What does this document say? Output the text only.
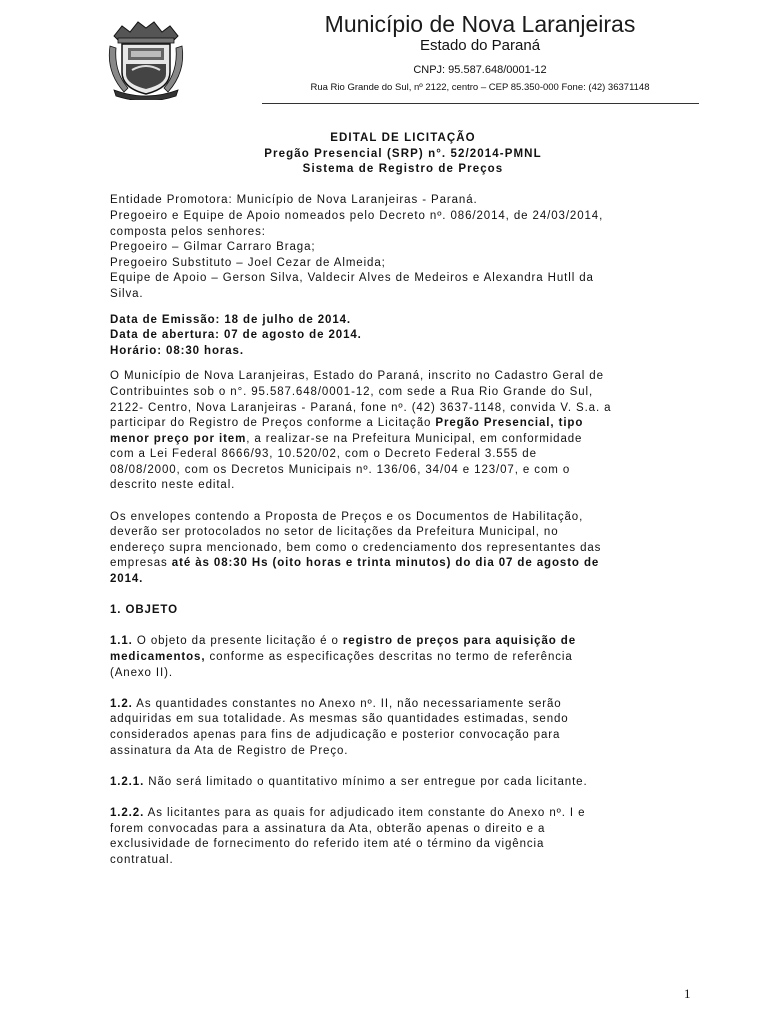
Município de Nova Laranjeiras
Estado do Paraná
CNPJ: 95.587.648/0001-12
Rua Rio Grande do Sul, nº 2122, centro – CEP 85.350-000 Fone: (42) 36371148
EDITAL DE LICITAÇÃO
Pregão Presencial (SRP) n°. 52/2014-PMNL
Sistema de Registro de Preços
Entidade Promotora: Município de Nova Laranjeiras - Paraná.
Pregoeiro e Equipe de Apoio nomeados pelo Decreto nº. 086/2014, de 24/03/2014,
composta pelos senhores:
Pregoeiro – Gilmar Carraro Braga;
Pregoeiro Substituto – Joel Cezar de Almeida;
Equipe de Apoio – Gerson Silva, Valdecir Alves de Medeiros e Alexandra Hutll da
Silva.
Data de Emissão: 18 de julho de 2014.
Data de abertura: 07 de agosto de 2014.
Horário: 08:30 horas.
O Município de Nova Laranjeiras, Estado do Paraná, inscrito no Cadastro Geral de
Contribuintes sob o n°. 95.587.648/0001-12, com sede a Rua Rio Grande do Sul,
2122- Centro, Nova Laranjeiras - Paraná, fone nº. (42) 3637-1148, convida V. S.a. a
participar do Registro de Preços conforme a Licitação Pregão Presencial, tipo
menor preço por item, a realizar-se na Prefeitura Municipal, em conformidade
com a Lei Federal 8666/93, 10.520/02, com o Decreto Federal 3.555 de
08/08/2000, com os Decretos Municipais nº. 136/06, 34/04 e 123/07, e com o
descrito neste edital.
Os envelopes contendo a Proposta de Preços e os Documentos de Habilitação,
deverão ser protocolados no setor de licitações da Prefeitura Municipal, no
endereço supra mencionado, bem como o credenciamento dos representantes das
empresas até às 08:30 Hs (oito horas e trinta minutos) do dia 07 de agosto de
2014.
1. OBJETO
1.1. O objeto da presente licitação é o registro de preços para aquisição de
medicamentos, conforme as especificações descritas no termo de referência
(Anexo II).
1.2. As quantidades constantes no Anexo nº. II, não necessariamente serão
adquiridas em sua totalidade. As mesmas são quantidades estimadas, sendo
considerados apenas para fins de adjudicação e posterior convocação para
assinatura da Ata de Registro de Preço.
1.2.1. Não será limitado o quantitativo mínimo a ser entregue por cada licitante.
1.2.2. As licitantes para as quais for adjudicado item constante do Anexo nº. I e
forem convocadas para a assinatura da Ata, obterão apenas o direito e a
exclusividade de fornecimento do referido item até o término da vigência
contratual.
1
